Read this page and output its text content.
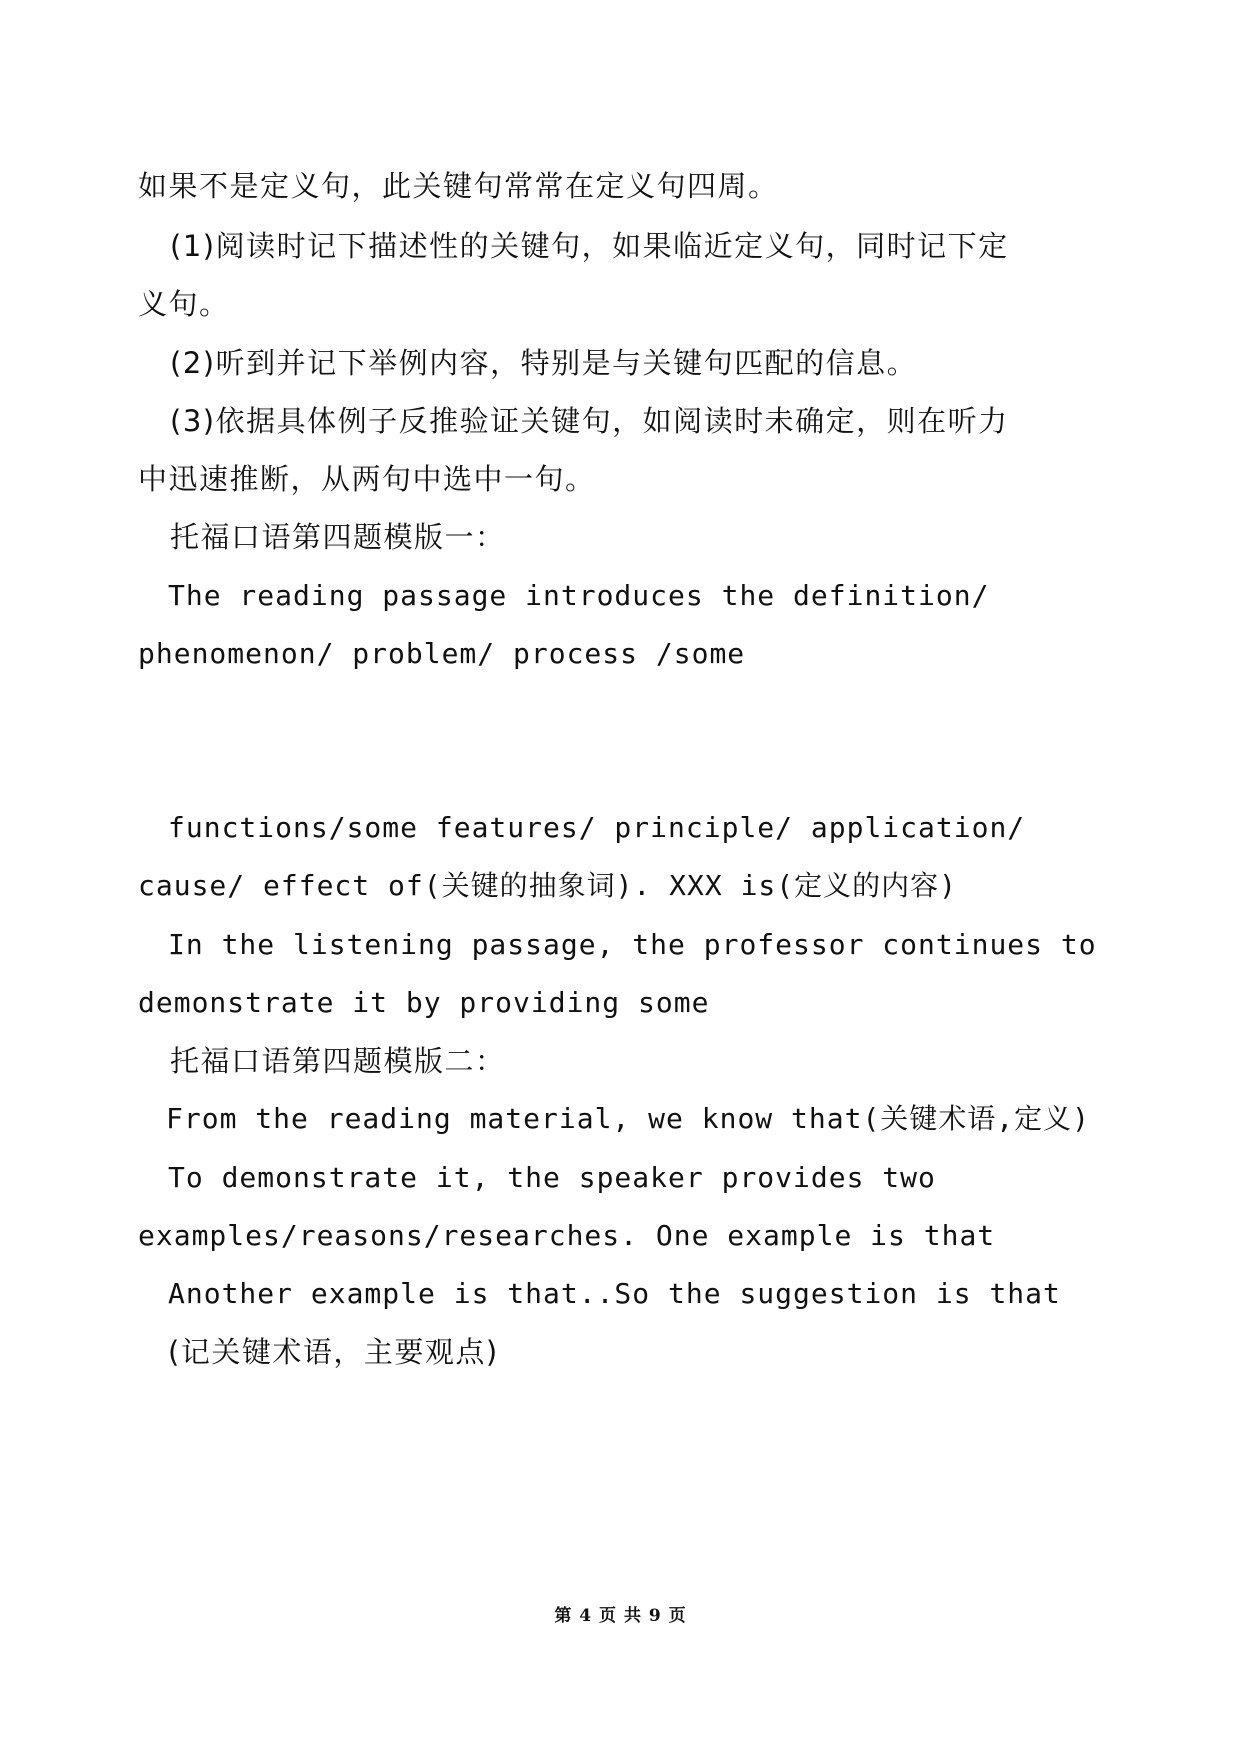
如果不是定义句，此关键句常常在定义句四周。
(1)阅读时记下描述性的关键句，如果临近定义句，同时记下定
义句。
(2)听到并记下举例内容，特别是与关键句匹配的信息。
(3)依据具体例子反推验证关键句，如阅读时未确定，则在听力
中迅速推断，从两句中选中一句。
托福口语第四题模版一：
The reading passage introduces the definition/
phenomenon/ problem/ process /some
functions/some features/ principle/ application/
cause/ effect of(关键的抽象词). XXX is(定义的内容)
In the listening passage, the professor continues to
demonstrate it by providing some
托福口语第四题模版二：
From the reading material, we know that(关键术语,定义)
To demonstrate it, the speaker provides two
examples/reasons/researches. One example is that
Another example is that..So the suggestion is that
(记关键术语，主要观点)
第 4 页 共 9 页
